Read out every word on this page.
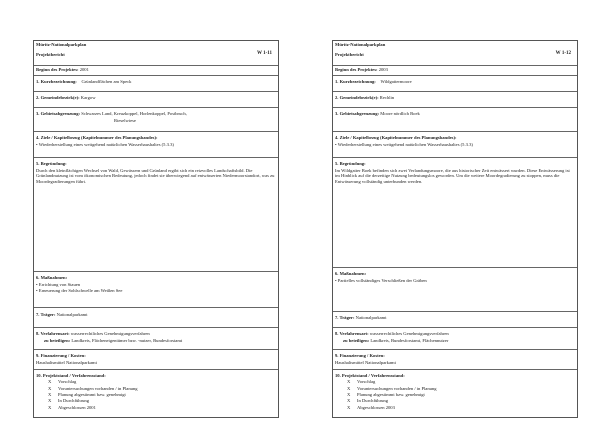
Müritz-Nationalparkplan
W 1-11
Projektbericht
Beginn des Projektes: 2001
1. Kurzbezeichnung: Grünlandflächen am Speck
2. Gemeindebezirk(e): Kargow
3. Gebietsabgrenzung: Schwarzes Land, Kreuzkoppel, Horlenkoppel, Postbruch,
Rieselwiese
4. Ziele / Kapitelbezug (Kapitelnummer des Planungsbandes):
• Wiederherstellung eines weitgehend natürlichen Wasserhaushaltes (5.3.3)
5. Begründung:
Durch den kleinflächigen Wechsel von Wald, Gewässern und Grünland ergibt sich ein reizvolles Landschaftsbild. Die Grünlandnutzung ist vom ökonomischen Bedeutung, jedoch findet sie überwiegend auf entwässerten Niedermoorstandort, was zu Moordegradierungen führt.
6. Maßnahmen:
• Errichtung von Stauen
• Erneuerung der Sohlschwelle am Weißen See
7. Träger: Nationalparkamt
8. Verfahrensart: wasserrechtliches Genehmigungsverfahren
zu beteiligen: Landkreis, Flächeneigentümer bzw. -nutzer, Bundesforstamt
9. Finanzierung / Kosten:
Haushaltsmittel Nationalparkamt
10. Projektstand / Verfahrensstand:
X Vorschlag
X Voruntersuchungen vorhanden / in Planung
X Planung abgestimmt bzw. genehmigt
X In Durchführung
X Abgeschlossen 2001
Müritz-Nationalparkplan
W 1-12
Projektbericht
Beginn des Projektes: 2003
1. Kurzbezeichnung: Wildgattermoore
2. Gemeindebezirk(e): Rechlin
3. Gebietsabgrenzung: Moore nördlich Boek
4. Ziele / Kapitelbezug (Kapitelnummer des Planungsbandes):
• Wiederherstellung eines weitgehend natürlichen Wasserhaushaltes (5.3.3)
5. Begründung:
Im Wildgatter Boek befinden sich zwei Verlandungsmoore, die aus historischer Zeit entwässert wurden. Diese Entwässerung ist im Hinblick auf die derzeitige Nutzung bedeutungslos geworden. Um die weitere Moordegradierung zu stoppen, muss die Entwässerung vollständig unterbunden werden.
6. Maßnahmen:
• Partielles vollständiges Verschließen der Gräben
7. Träger: Nationalparkamt
8. Verfahrensart: wasserrechtliches Genehmigungsverfahren
zu beteiligen: Landkreis, Bundesforstamt, Flächennutzer
9. Finanzierung / Kosten:
Haushaltsmittel Nationalparkamt
10. Projektstand / Verfahrensstand:
X Vorschlag
X Voruntersuchungen vorhanden / in Planung
X Planung abgestimmt bzw. genehmigt
X In Durchführung
X Abgeschlossen 2003
